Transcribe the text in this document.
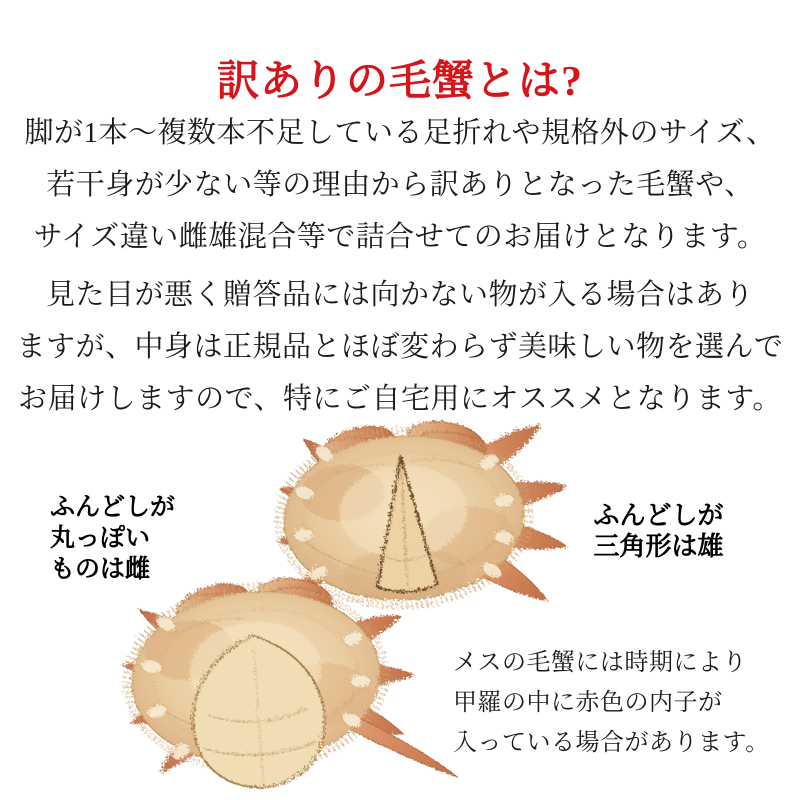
訳ありの毛蟹とは?
脚が1本～複数本不足している足折れや規格外のサイズ、
若干身が少ない等の理由から訳ありとなった毛蟹や、
サイズ違い雌雄混合等で詰合せてのお届けとなります。
見た目が悪く贈答品には向かない物が入る場合はあり
ますが、中身は正規品とほぼ変わらず美味しい物を選んで
お届けしますので、特にご自宅用にオススメとなります。
ふんどしが
丸っぽい
ものは雌
ふんどしが
三角形は雄
メスの毛蟹には時期により
甲羅の中に赤色の内子が
入っている場合があります。
